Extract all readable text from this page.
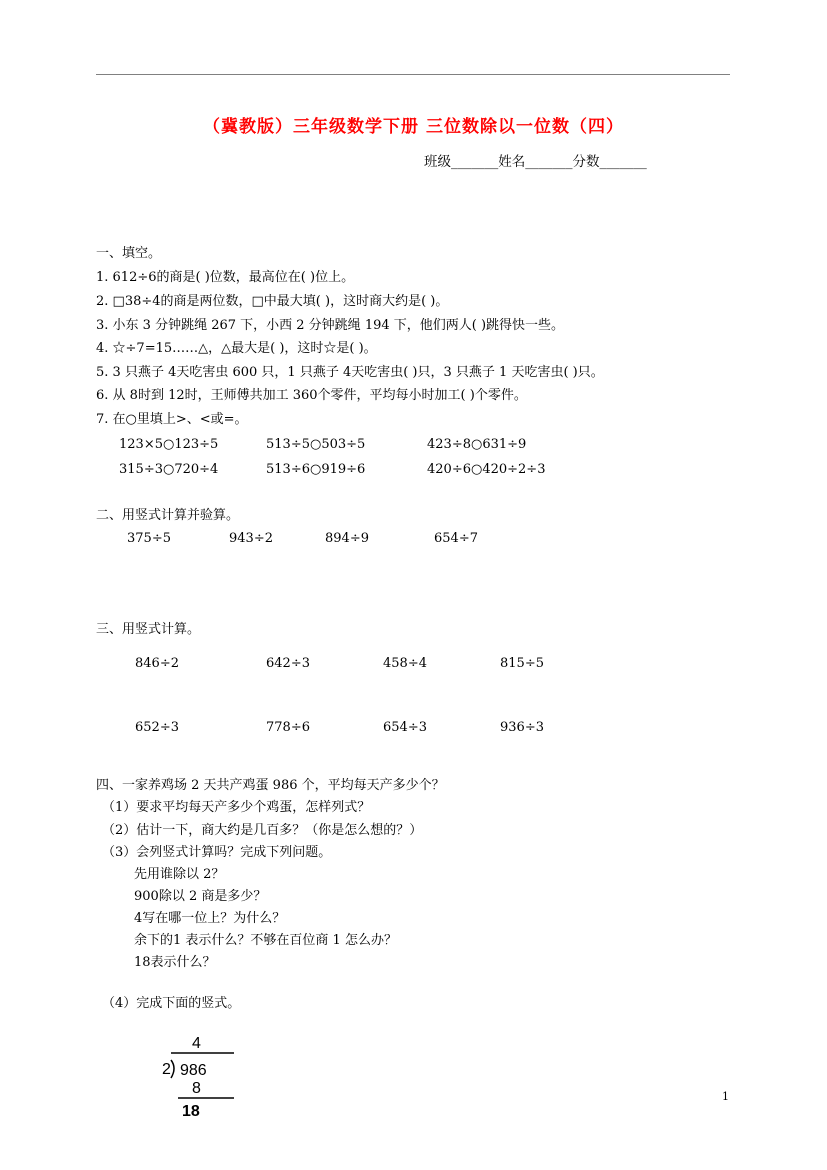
（冀教版）三年级数学下册 三位数除以一位数（四）
班级_______姓名_______分数_______
一、填空。
1. 612÷6的商是( )位数，最高位在( )位上。
2. □38÷4的商是两位数，□中最大填( )，这时商大约是( )。
3. 小东 3 分钟跳绳 267 下，小西 2 分钟跳绳 194 下，他们两人( )跳得快一些。
4. ☆÷7=15……△，△最大是( )，这时☆是( )。
5. 3 只燕子 4天吃害虫 600 只，1 只燕子 4天吃害虫( )只，3 只燕子 1 天吃害虫( )只。
6. 从 8时到 12时，王师傅共加工 360个零件，平均每小时加工( )个零件。
7. 在○里填上>、<或=。
123×5○123÷5	513÷5○503÷5	423÷8○631÷9
315÷3○720÷4	513÷6○919÷6	420÷6○420÷2÷3
二、用竖式计算并验算。
375÷5	943÷2	894÷9	654÷7
三、用竖式计算。
846÷2	642÷3	458÷4	815÷5
652÷3	778÷6	654÷3	936÷3
四、一家养鸡场 2 天共产鸡蛋 986 个，平均每天产多少个？
（1）要求平均每天产多少个鸡蛋，怎样列式？
（2）估计一下，商大约是几百多？（你是怎么想的？）
（3）会列竖式计算吗？完成下列问题。
先用谁除以 2？
900除以 2 商是多少？
4写在哪一位上？为什么？
余下的1 表示什么？不够在百位商 1 怎么办？
18表示什么？
（4）完成下面的竖式。
4
2 986
8
18
1
